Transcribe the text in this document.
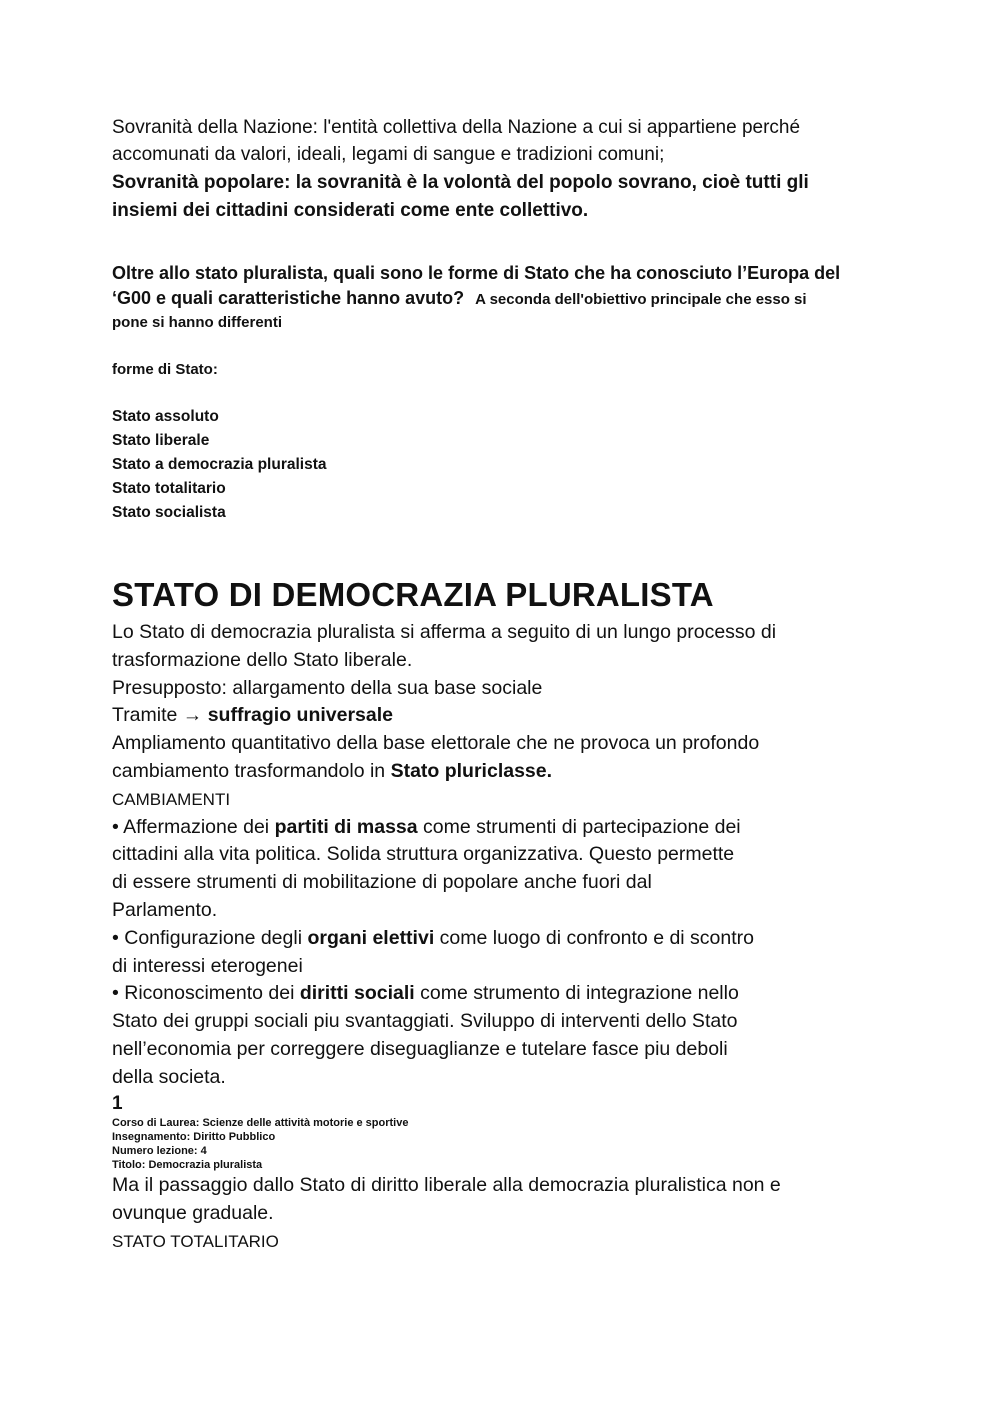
Sovranità della Nazione: l'entità collettiva della Nazione a cui si appartiene perché
accomunati da valori, ideali, legami di sangue e tradizioni comuni;
Sovranità popolare: la sovranità è la volontà del popolo sovrano, cioè tutti gli
insiemi dei cittadini considerati come ente collettivo.
Oltre allo stato pluralista, quali sono le forme di Stato che ha conosciuto l’Europa del
‘G00 e quali caratteristiche hanno avuto? A seconda dell'obiettivo principale che esso si
pone si hanno differenti
forme di Stato:
Stato assoluto
Stato liberale
Stato a democrazia pluralista
Stato totalitario
Stato socialista
STATO DI DEMOCRAZIA PLURALISTA
Lo Stato di democrazia pluralista si afferma a seguito di un lungo processo di
trasformazione dello Stato liberale.
Presupposto: allargamento della sua base sociale
Tramite → suffragio universale
Ampliamento quantitativo della base elettorale che ne provoca un profondo
cambiamento trasformandolo in Stato pluriclasse.
CAMBIAMENTI
• Affermazione dei partiti di massa come strumenti di partecipazione dei
cittadini alla vita politica. Solida struttura organizzativa. Questo permette
di essere strumenti di mobilitazione di popolare anche fuori dal
Parlamento.
• Configurazione degli organi elettivi come luogo di confronto e di scontro
di interessi eterogenei
• Riconoscimento dei diritti sociali come strumento di integrazione nello
Stato dei gruppi sociali piu svantaggiati. Sviluppo di interventi dello Stato
nell’economia per correggere diseguaglianze e tutelare fasce piu deboli
della societa.
1
Corso di Laurea: Scienze delle attività motorie e sportive
Insegnamento: Diritto Pubblico
Numero lezione: 4
Titolo: Democrazia pluralista
Ma il passaggio dallo Stato di diritto liberale alla democrazia pluralistica non e
ovunque graduale.
STATO TOTALITARIO
